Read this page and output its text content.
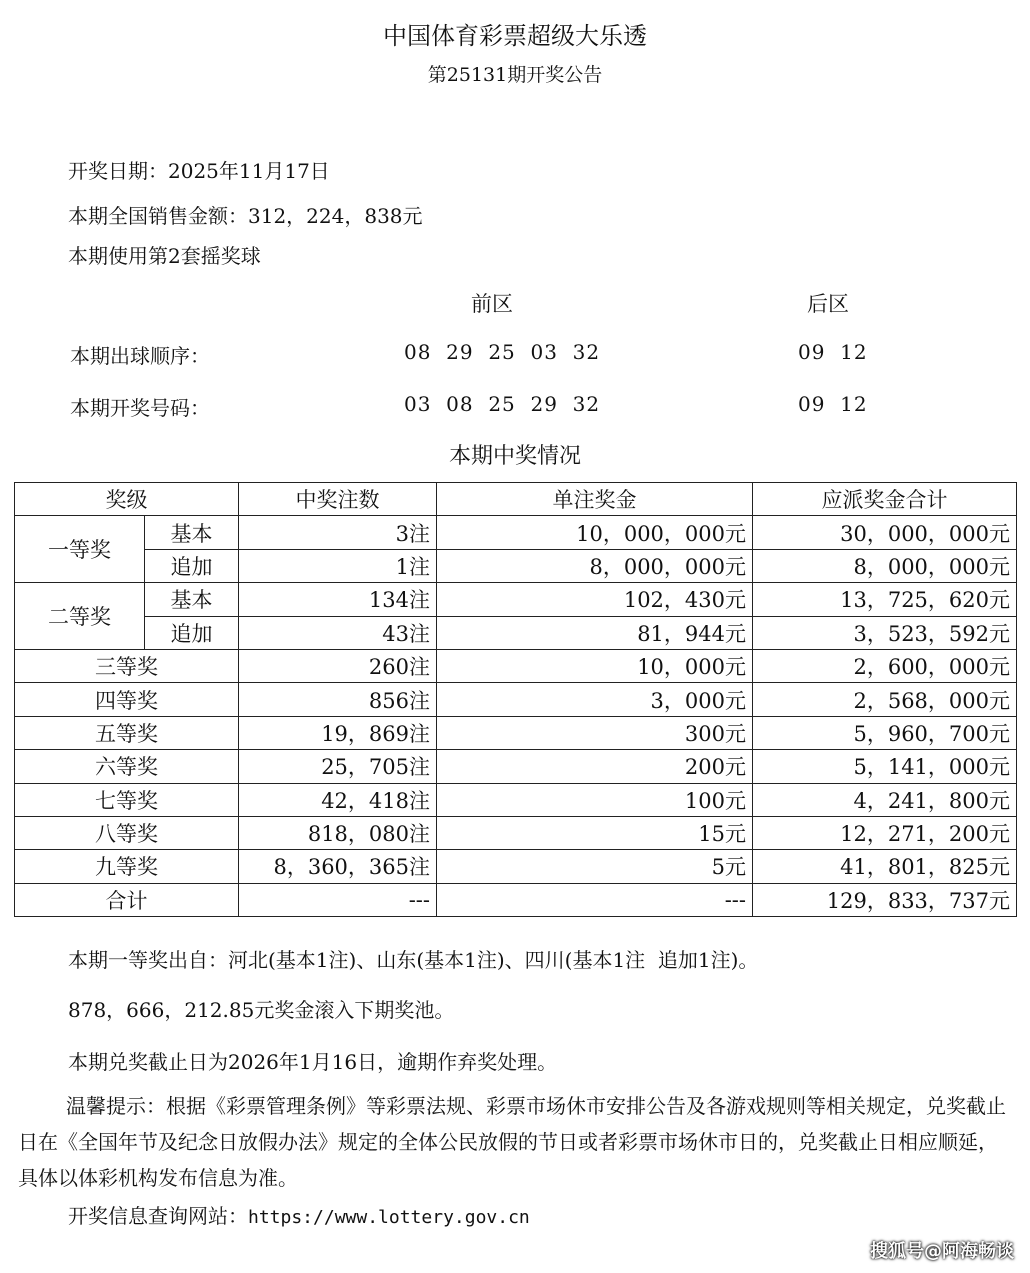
中国体育彩票超级大乐透
第25131期开奖公告
开奖日期：2025年11月17日
本期全国销售金额：312，224，838元
本期使用第2套摇奖球
前区	后区
本期出球顺序：	08  29  25  03  32	09  12
本期开奖号码：	03  08  25  29  32	09  12
本期中奖情况
奖级		中奖注数	单注奖金	应派奖金合计
一等奖	基本	3注	10，000，000元	30，000，000元
	追加	1注	8，000，000元	8，000，000元
二等奖	基本	134注	102，430元	13，725，620元
	追加	43注	81，944元	3，523，592元
三等奖		260注	10，000元	2，600，000元
四等奖		856注	3，000元	2，568，000元
五等奖		19，869注	300元	5，960，700元
六等奖		25，705注	200元	5，141，000元
七等奖		42，418注	100元	4，241，800元
八等奖		818，080注	15元	12，271，200元
九等奖		8，360，365注	5元	41，801，825元
合计		---	---	129，833，737元
本期一等奖出自：河北(基本1注)、山东(基本1注)、四川(基本1注  追加1注)。
878，666，212.85元奖金滚入下期奖池。
本期兑奖截止日为2026年1月16日，逾期作弃奖处理。
温馨提示：根据《彩票管理条例》等彩票法规、彩票市场休市安排公告及各游戏规则等相关规定，兑奖截止日在《全国年节及纪念日放假办法》规定的全体公民放假的节日或者彩票市场休市日的，兑奖截止日相应顺延，具体以体彩机构发布信息为准。
开奖信息查询网站：https://www.lottery.gov.cn
搜狐号@阿海畅谈
